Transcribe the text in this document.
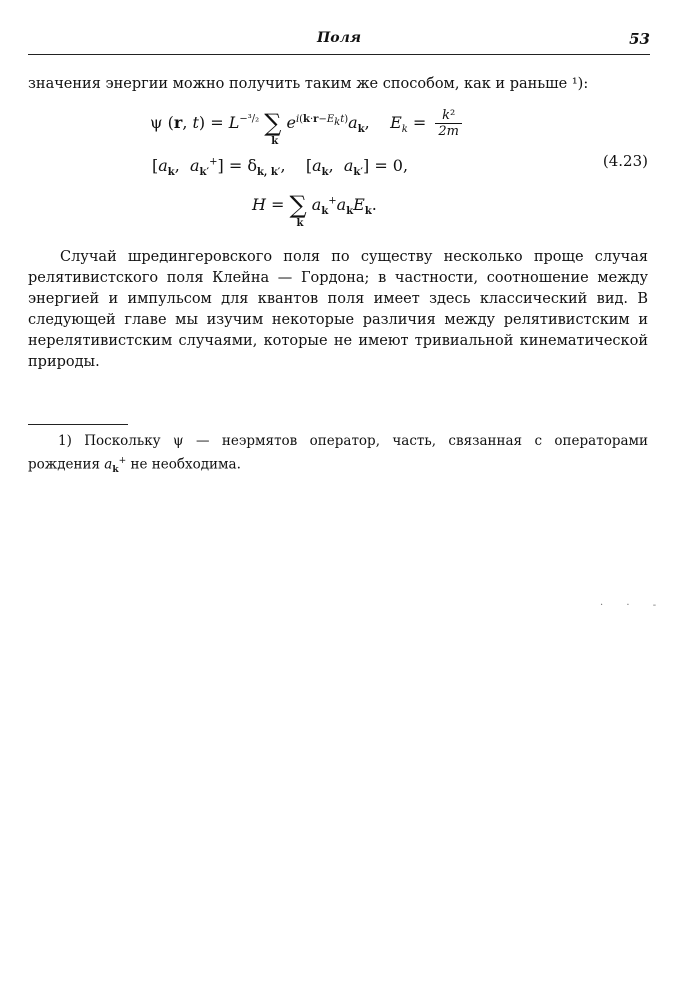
Поля	53
значения энергии можно получить таким же способом, как и раньше ¹):
ψ (r, $t) = L^{-^3/_2}$ ∑
k
$e^{i(k\cdot r-E_kt)}a_k$,    $E_k = \frac{\text{k²}}{2m}$
[$a_k$,  $a_{k'}^+] = \delta_{k, k'}$,    [$a_k$,  $a_{k'}] = 0$,	(4.23)
H = ∑
k
$a_k^+a_kE_k$.
Случай шредингеровского поля по существу несколько проще случая релятивистского поля Клейна — Гордона; в частности, соотношение между энергией и импульсом для квантов поля имеет здесь классический вид. В следующей главе мы изучим некоторые различия между релятивистским и нерелятивистским случаями, которые не имеют тривиальной кинематической природы.
1) Поскольку ψ — неэрмятов оператор, часть, связанная с операторами рождения $a_k^+$ не необходима.
· · -
